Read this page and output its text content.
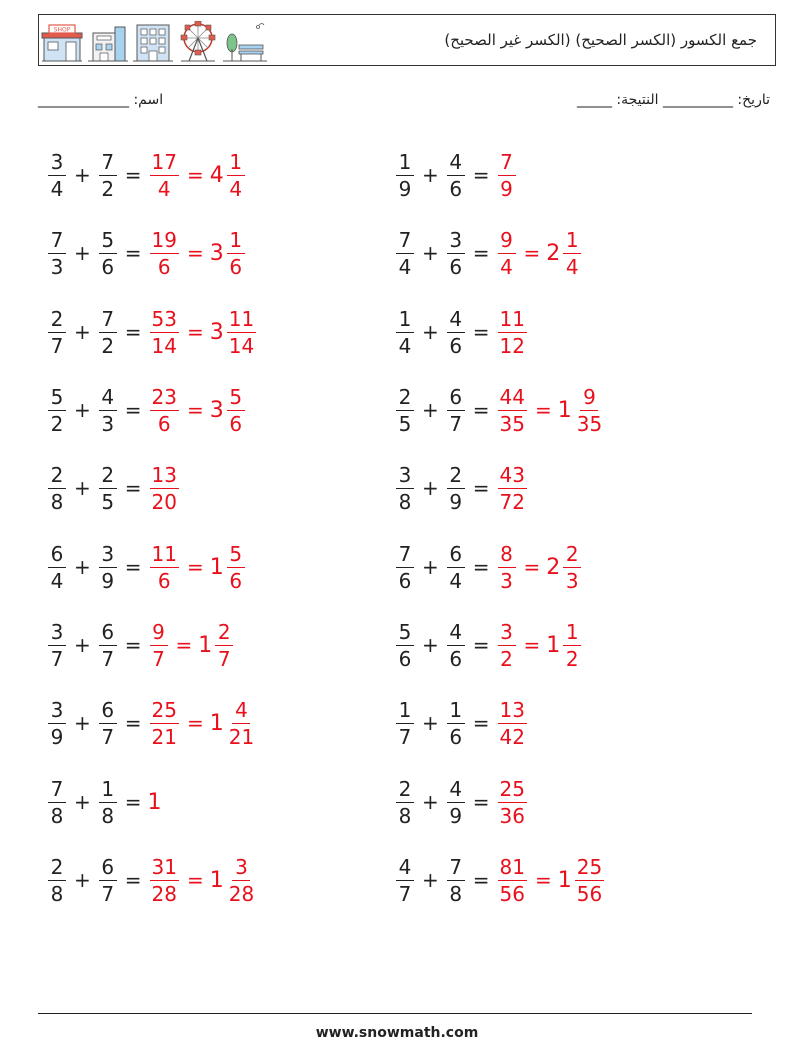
SHOP
جمع الكسور (الكسر الصحيح) (الكسر غير الصحيح)
اسم: _____________	_____ :تاريخ: __________ النتيجة
$\frac{3}{4} + \frac{7}{2} = \frac{17}{4} = 4 \frac{1}{4}$	$\frac{1}{9} + \frac{4}{6} = \frac{7}{9}$
$\frac{7}{3} + \frac{5}{6} = \frac{19}{6} = 3 \frac{1}{6}$	$\frac{7}{4} + \frac{3}{6} = \frac{9}{4} = 2 \frac{1}{4}$
$\frac{2}{7} + \frac{7}{2} = \frac{53}{14} = 3 \frac{11}{14}$	$\frac{1}{4} + \frac{4}{6} = \frac{11}{12}$
$\frac{5}{2} + \frac{4}{3} = \frac{23}{6} = 3 \frac{5}{6}$	$\frac{2}{5} + \frac{6}{7} = \frac{44}{35} = 1 \frac{9}{35}$
$\frac{2}{8} + \frac{2}{5} = \frac{13}{20}$	$\frac{3}{8} + \frac{2}{9} = \frac{43}{72}$
$\frac{6}{4} + \frac{3}{9} = \frac{11}{6} = 1 \frac{5}{6}$	$\frac{7}{6} + \frac{6}{4} = \frac{8}{3} = 2 \frac{2}{3}$
$\frac{3}{7} + \frac{6}{7} = \frac{9}{7} = 1 \frac{2}{7}$	$\frac{5}{6} + \frac{4}{6} = \frac{3}{2} = 1 \frac{1}{2}$
$\frac{3}{9} + \frac{6}{7} = \frac{25}{21} = 1 \frac{4}{21}$	$\frac{1}{7} + \frac{1}{6} = \frac{13}{42}$
$\frac{7}{8} + \frac{1}{8} = 1$	$\frac{2}{8} + \frac{4}{9} = \frac{25}{36}$
$\frac{2}{8} + \frac{6}{7} = \frac{31}{28} = 1 \frac{3}{28}$	$\frac{4}{7} + \frac{7}{8} = \frac{81}{56} = 1 \frac{25}{56}$
www.snowmath.com
